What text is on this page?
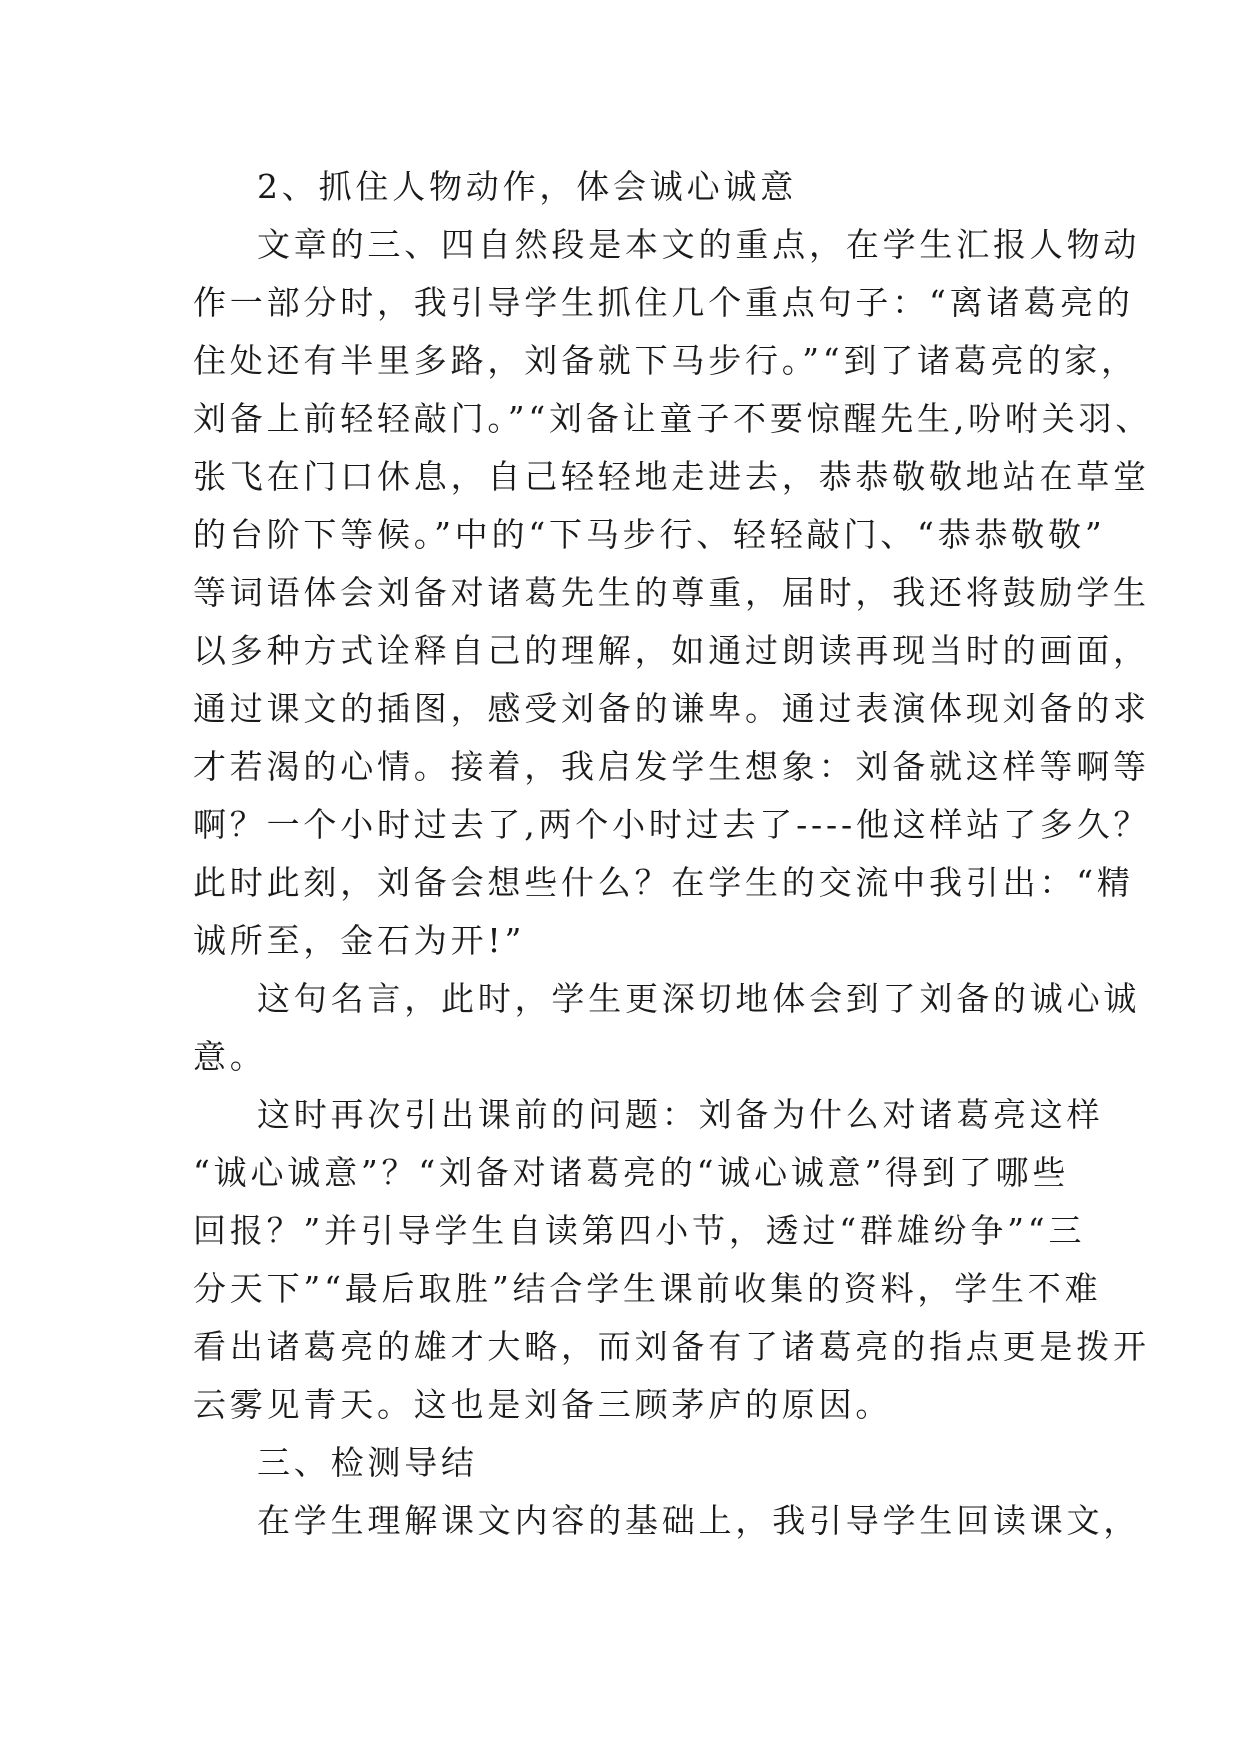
2、抓住人物动作，体会诚心诚意
文章的三、四自然段是本文的重点，在学生汇报人物动
作一部分时，我引导学生抓住几个重点句子：“离诸葛亮的
住处还有半里多路，刘备就下马步行。”“到了诸葛亮的家，
刘备上前轻轻敲门。”“刘备让童子不要惊醒先生,吩咐关羽、
张飞在门口休息，自己轻轻地走进去，恭恭敬敬地站在草堂
的台阶下等候。”中的“下马步行、轻轻敲门、“恭恭敬敬”
等词语体会刘备对诸葛先生的尊重，届时，我还将鼓励学生
以多种方式诠释自己的理解，如通过朗读再现当时的画面，
通过课文的插图，感受刘备的谦卑。通过表演体现刘备的求
才若渴的心情。接着，我启发学生想象：刘备就这样等啊等
啊？一个小时过去了,两个小时过去了----他这样站了多久？
此时此刻，刘备会想些什么？在学生的交流中我引出：“精
诚所至，金石为开!”
这句名言，此时，学生更深切地体会到了刘备的诚心诚
意。
这时再次引出课前的问题：刘备为什么对诸葛亮这样
“诚心诚意”？“刘备对诸葛亮的“诚心诚意”得到了哪些
回报？”并引导学生自读第四小节，透过“群雄纷争”“三
分天下”“最后取胜”结合学生课前收集的资料，学生不难
看出诸葛亮的雄才大略，而刘备有了诸葛亮的指点更是拨开
云雾见青天。这也是刘备三顾茅庐的原因。
三、检测导结
在学生理解课文内容的基础上，我引导学生回读课文，
